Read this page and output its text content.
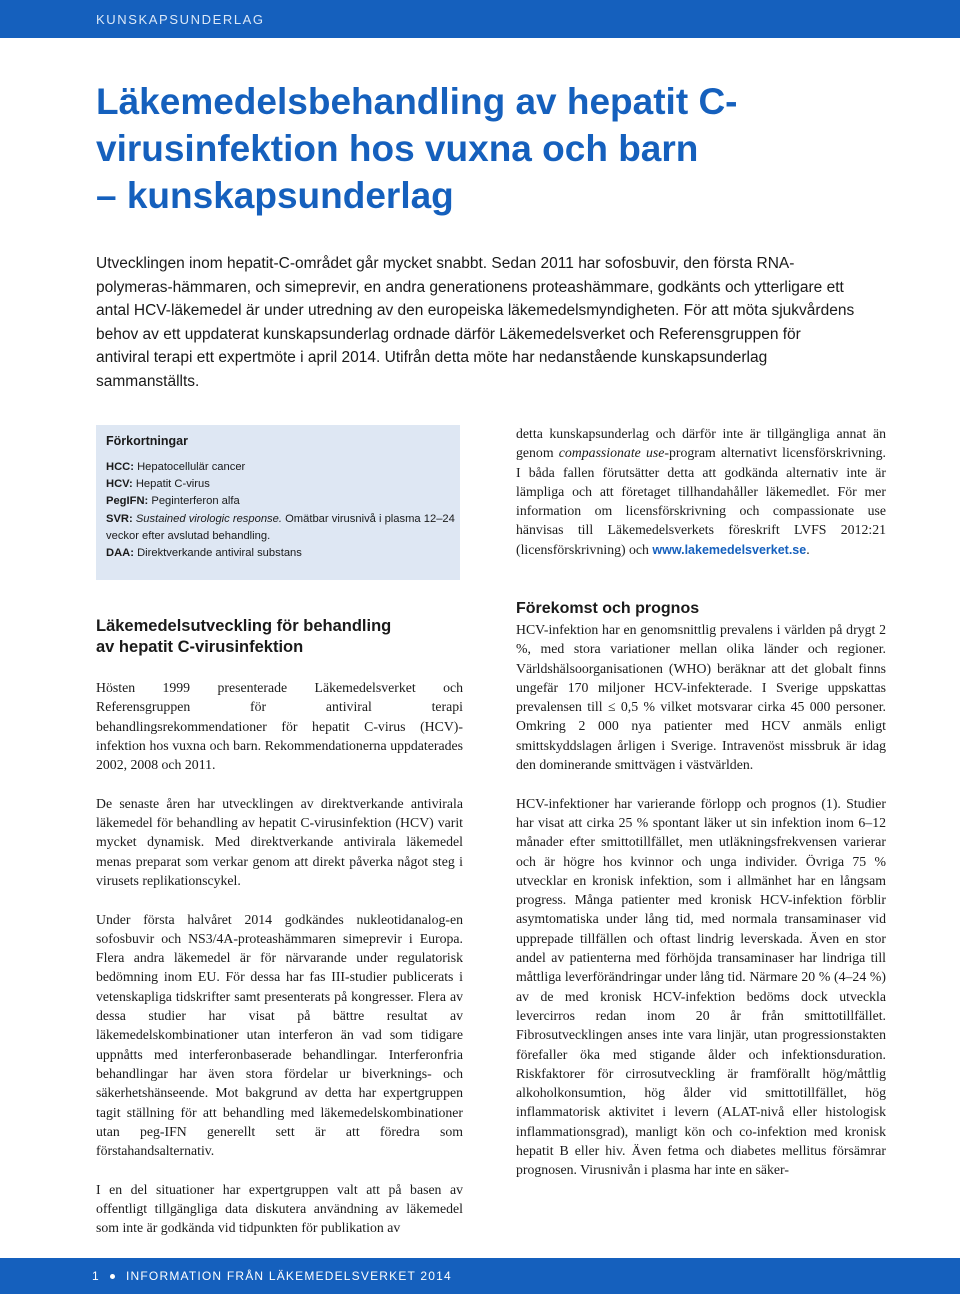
KUNSKAPSUNDERLAG
Läkemedelsbehandling av hepatit C-
virusinfektion hos vuxna och barn
– kunskapsunderlag

Utvecklingen inom hepatit-C-området går mycket snabbt. Sedan 2011 har sofosbuvir, den första RNA-polymeras-hämmaren, och simeprevir, en andra generationens proteashämmare, godkänts och ytterligare ett antal HCV-läkemedel är under utredning av den europeiska läkemedelsmyndigheten. För att möta sjukvårdens behov av ett uppdaterat kunskapsunderlag ordnade därför Läkemedelsverket och Referensgruppen för antiviral terapi ett expertmöte i april 2014. Utifrån detta möte har nedanstående kunskapsunderlag sammanställts.

Förkortningar
HCC: Hepatocellulär cancer
HCV: Hepatit C-virus
PegIFN: Peginterferon alfa
SVR: Sustained virologic response. Omätbar virusnivå i plasma 12–24 veckor efter avslutad behandling.
DAA: Direktverkande antiviral substans

detta kunskapsunderlag och därför inte är tillgängliga annat än genom compassionate use-program alternativt licensförskrivning. I båda fallen förutsätter detta att godkända alternativ inte är lämpliga och att företaget tillhandahåller läkemedlet. För mer information om licensförskrivning och compassionate use hänvisas till Läkemedelsverkets föreskrift LVFS 2012:21 (licensförskrivning) och www.lakemedelsverket.se.

Läkemedelsutveckling för behandling
av hepatit C-virusinfektion

Hösten 1999 presenterade Läkemedelsverket och Referensgruppen för antiviral terapi behandlingsrekommendationer för hepatit C-virus (HCV)-infektion hos vuxna och barn. Rekommendationerna uppdaterades 2002, 2008 och 2011.

De senaste åren har utvecklingen av direktverkande antivirala läkemedel för behandling av hepatit C-virusinfektion (HCV) varit mycket dynamisk. Med direktverkande antivirala läkemedel menas preparat som verkar genom att direkt påverka något steg i virusets replikationscykel.

Under första halvåret 2014 godkändes nukleotidanalog-en sofosbuvir och NS3/4A-proteashämmaren simeprevir i Europa. Flera andra läkemedel är för närvarande under regulatorisk bedömning inom EU. För dessa har fas III-studier publicerats i vetenskapliga tidskrifter samt presenterats på kongresser. Flera av dessa studier har visat på bättre resultat av läkemedelskombinationer utan interferon än vad som tidigare uppnåtts med interferonbaserade behandlingar. Interferonfria behandlingar har även stora fördelar ur biverknings- och säkerhetshänseende. Mot bakgrund av detta har expertgruppen tagit ställning för att behandling med läkemedelskombinationer utan peg-IFN generellt sett är att föredra som förstahandsalternativ.

I en del situationer har expertgruppen valt att på basen av offentligt tillgängliga data diskutera användning av läkemedel som inte är godkända vid tidpunkten för publikation av

Förekomst och prognos

HCV-infektion har en genomsnittlig prevalens i världen på drygt 2 %, med stora variationer mellan olika länder och regioner. Världshälsoorganisationen (WHO) beräknar att det globalt finns ungefär 170 miljoner HCV-infekterade. I Sverige uppskattas prevalensen till ≤ 0,5 % vilket motsvarar cirka 45 000 personer. Omkring 2 000 nya patienter med HCV anmäls enligt smittskyddslagen årligen i Sverige. Intravenöst missbruk är idag den dominerande smittvägen i västvärlden.

HCV-infektioner har varierande förlopp och prognos (1). Studier har visat att cirka 25 % spontant läker ut sin infektion inom 6–12 månader efter smittotillfället, men utläkningsfrekvensen varierar och är högre hos kvinnor och unga individer. Övriga 75 % utvecklar en kronisk infektion, som i allmänhet har en långsam progress. Många patienter med kronisk HCV-infektion förblir asymtomatiska under lång tid, med normala transaminaser vid upprepade tillfällen och oftast lindrig leverskada. Även en stor andel av patienterna med förhöjda transaminaser har lindriga till måttliga leverförändringar under lång tid. Närmare 20 % (4–24 %) av de med kronisk HCV-infektion bedöms dock utveckla levercirros redan inom 20 år från smittotillfället. Fibrosutvecklingen anses inte vara linjär, utan progressionstakten förefaller öka med stigande ålder och infektionsduration. Riskfaktorer för cirrosutveckling är framförallt hög/måttlig alkoholkonsumtion, hög ålder vid smittotillfället, hög inflammatorisk aktivitet i levern (ALAT-nivå eller histologisk inflammationsgrad), manligt kön och co-infektion med kronisk hepatit B eller hiv. Även fetma och diabetes mellitus försämrar prognosen. Virusnivån i plasma har inte en säker-

1 INFORMATION FRÅN LÄKEMEDELSVERKET 2014
